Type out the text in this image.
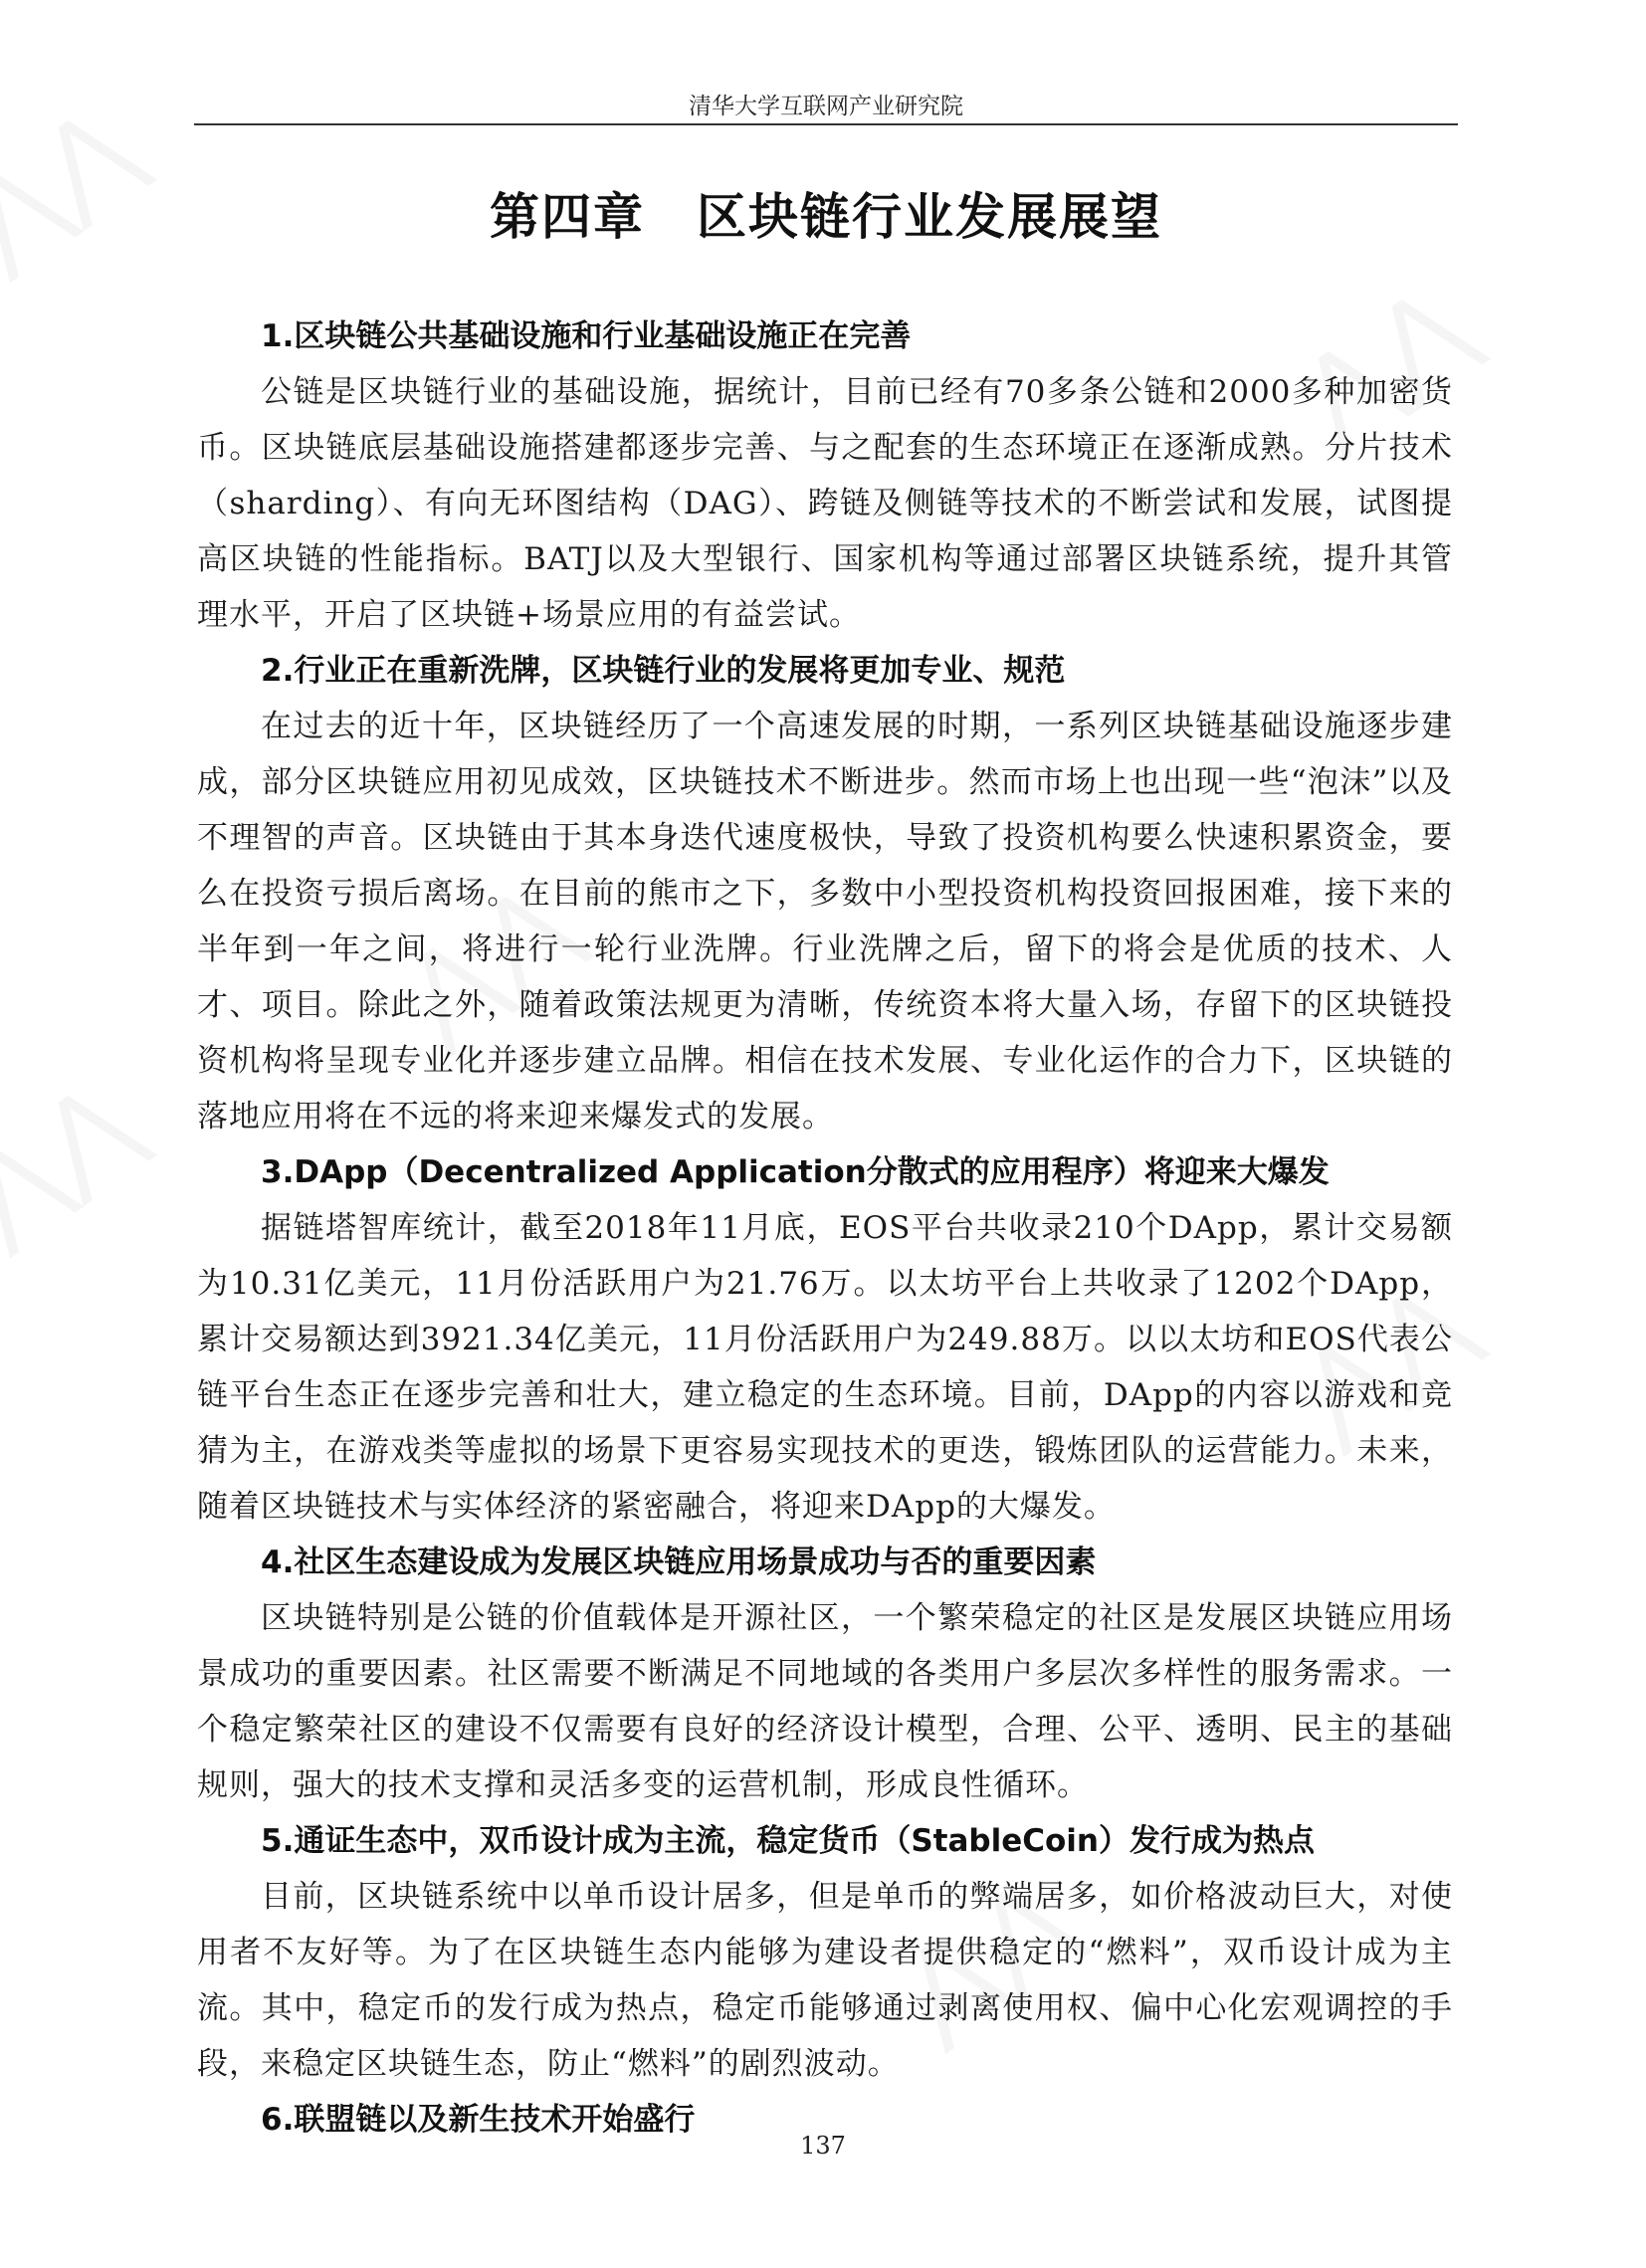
清华大学互联网产业研究院
第四章　区块链行业发展展望

1.区块链公共基础设施和行业基础设施正在完善

公链是区块链行业的基础设施，据统计，目前已经有70多条公链和2000多种加密货币。区块链底层基础设施搭建都逐步完善、与之配套的生态环境正在逐渐成熟。分片技术（sharding）、有向无环图结构（DAG）、跨链及侧链等技术的不断尝试和发展，试图提高区块链的性能指标。BATJ以及大型银行、国家机构等通过部署区块链系统，提升其管理水平，开启了区块链+场景应用的有益尝试。

2.行业正在重新洗牌，区块链行业的发展将更加专业、规范

在过去的近十年，区块链经历了一个高速发展的时期，一系列区块链基础设施逐步建成，部分区块链应用初见成效，区块链技术不断进步。然而市场上也出现一些“泡沫”以及不理智的声音。区块链由于其本身迭代速度极快，导致了投资机构要么快速积累资金，要么在投资亏损后离场。在目前的熊市之下，多数中小型投资机构投资回报困难，接下来的半年到一年之间，将进行一轮行业洗牌。行业洗牌之后，留下的将会是优质的技术、人才、项目。除此之外，随着政策法规更为清晰，传统资本将大量入场，存留下的区块链投资机构将呈现专业化并逐步建立品牌。相信在技术发展、专业化运作的合力下，区块链的落地应用将在不远的将来迎来爆发式的发展。

3.DApp（Decentralized Application分散式的应用程序）将迎来大爆发

据链塔智库统计，截至2018年11月底，EOS平台共收录210个DApp，累计交易额为10.31亿美元，11月份活跃用户为21.76万。以太坊平台上共收录了1202个DApp，累计交易额达到3921.34亿美元，11月份活跃用户为249.88万。以以太坊和EOS代表公链平台生态正在逐步完善和壮大，建立稳定的生态环境。目前，DApp的内容以游戏和竞猜为主，在游戏类等虚拟的场景下更容易实现技术的更迭，锻炼团队的运营能力。未来，随着区块链技术与实体经济的紧密融合，将迎来DApp的大爆发。

4.社区生态建设成为发展区块链应用场景成功与否的重要因素

区块链特别是公链的价值载体是开源社区，一个繁荣稳定的社区是发展区块链应用场景成功的重要因素。社区需要不断满足不同地域的各类用户多层次多样性的服务需求。一个稳定繁荣社区的建设不仅需要有良好的经济设计模型，合理、公平、透明、民主的基础规则，强大的技术支撑和灵活多变的运营机制，形成良性循环。

5.通证生态中，双币设计成为主流，稳定货币（StableCoin）发行成为热点

目前，区块链系统中以单币设计居多，但是单币的弊端居多，如价格波动巨大，对使用者不友好等。为了在区块链生态内能够为建设者提供稳定的“燃料”，双币设计成为主流。其中，稳定币的发行成为热点，稳定币能够通过剥离使用权、偏中心化宏观调控的手段，来稳定区块链生态，防止“燃料”的剧烈波动。

6.联盟链以及新生技术开始盛行

137
